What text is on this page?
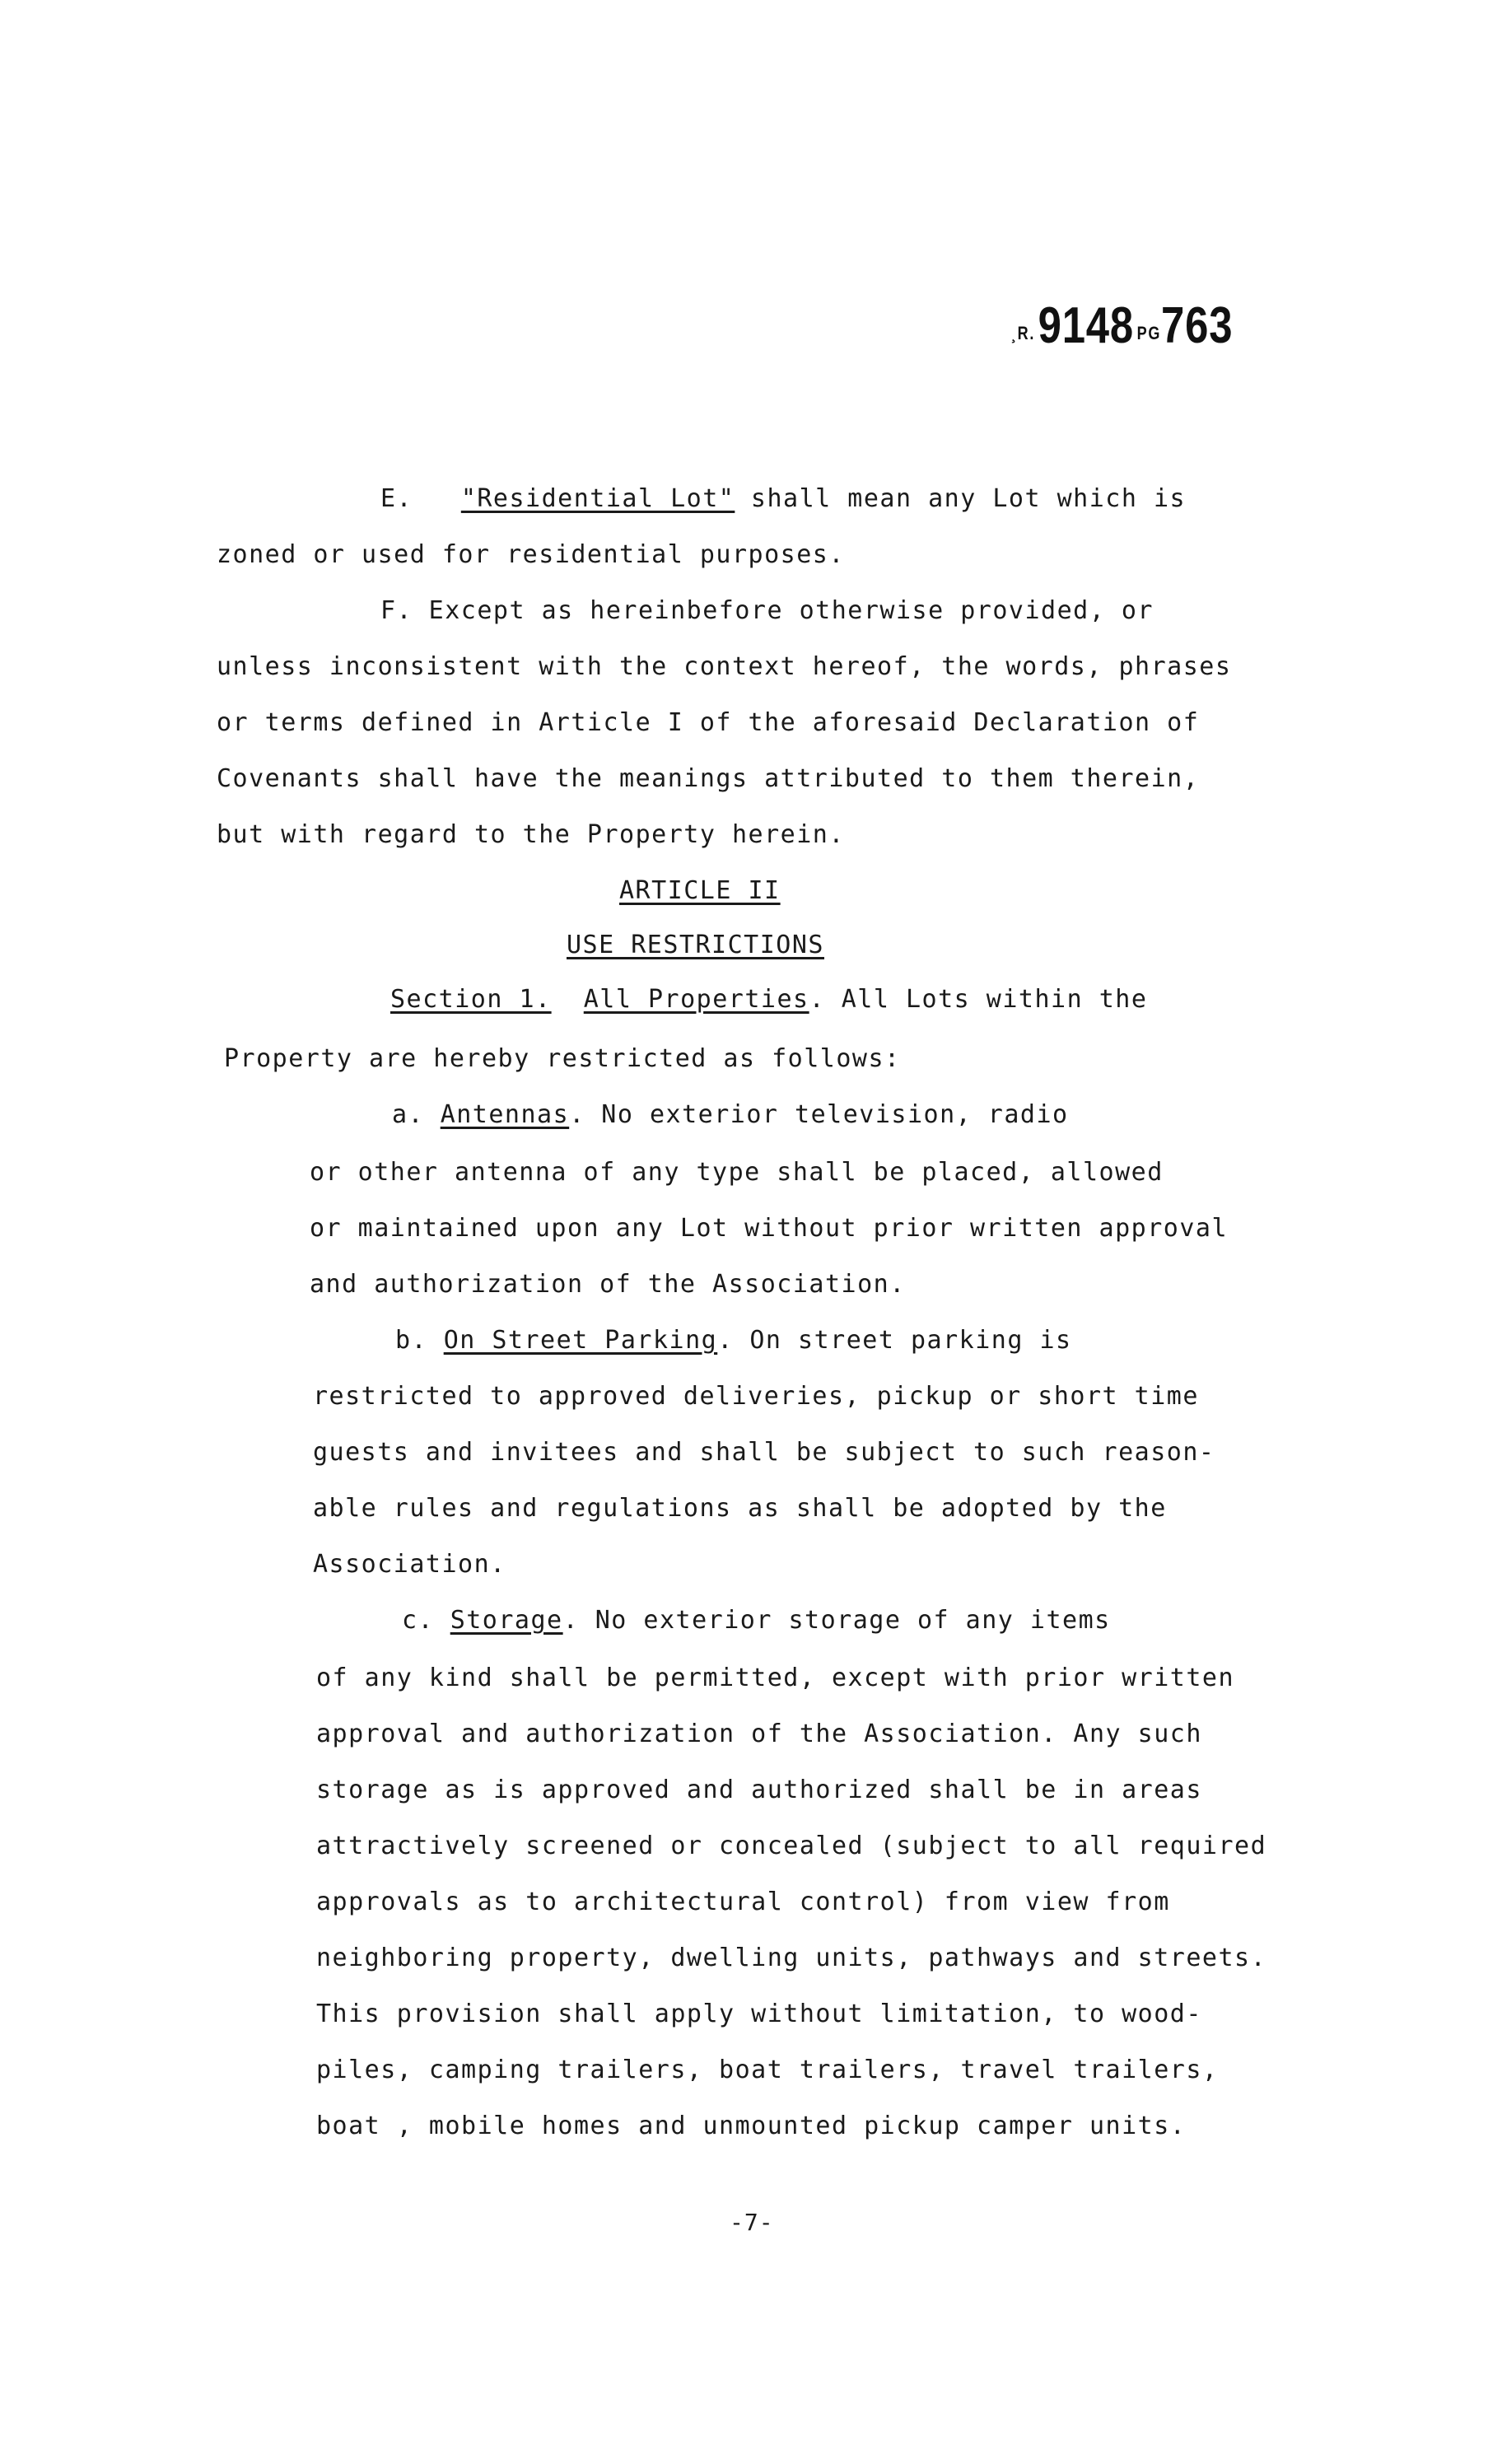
¸R. 9148 PG763
E. "Residential Lot" shall mean any Lot which is
zoned or used for residential purposes.
F. Except as hereinbefore otherwise provided, or
unless inconsistent with the context hereof, the words, phrases
or terms defined in Article I of the aforesaid Declaration of
Covenants shall have the meanings attributed to them therein,
but with regard to the Property herein.
ARTICLE II
USE RESTRICTIONS
Section 1. All Properties. All Lots within the
Property are hereby restricted as follows:
a. Antennas. No exterior television, radio
or other antenna of any type shall be placed, allowed
or maintained upon any Lot without prior written approval
and authorization of the Association.
b. On Street Parking. On street parking is
restricted to approved deliveries, pickup or short time
guests and invitees and shall be subject to such reason-
able rules and regulations as shall be adopted by the
Association.
c. Storage. No exterior storage of any items
of any kind shall be permitted, except with prior written
approval and authorization of the Association. Any such
storage as is approved and authorized shall be in areas
attractively screened or concealed (subject to all required
approvals as to architectural control) from view from
neighboring property, dwelling units, pathways and streets.
This provision shall apply without limitation, to wood-
piles, camping trailers, boat trailers, travel trailers,
boat , mobile homes and unmounted pickup camper units.
-7-
